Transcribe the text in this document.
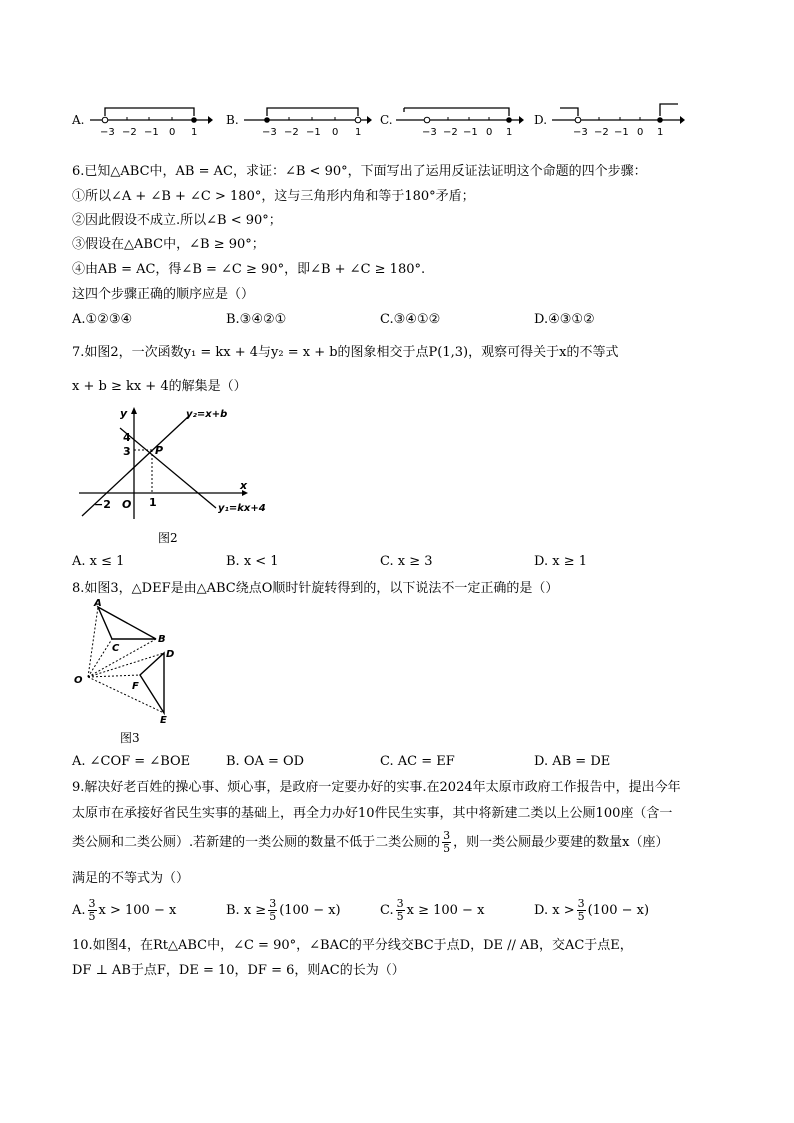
A.
−3 −2 −1 0 1
B.
−3 −2 −1 0 1
C.
−3 −2 −1 0 1
D.
−3 −2 −1 0 1
6.已知△ABC中，AB = AC，求证：∠B < 90°，下面写出了运用反证法证明这个命题的四个步骤：
①所以∠A + ∠B + ∠C > 180°，这与三角形内角和等于180°矛盾；
②因此假设不成立.所以∠B < 90°；
③假设在△ABC中，∠B ≥ 90°；
④由AB = AC，得∠B = ∠C ≥ 90°，即∠B + ∠C ≥ 180°.
这四个步骤正确的顺序应是（）
A.①②③④	B.③④②①	C.③④①②	D.④③①②
7.如图2，一次函数y₁ = kx + 4与y₂ = x + b的图象相交于点P(1,3)，观察可得关于x的不等式
x + b ≥ kx + 4的解集是（）
y
x
O
4
3
−2	1
P
y₂=x+b
y₁=kx+4
图2
A. x ≤ 1	B. x < 1	C. x ≥ 3	D. x ≥ 1
8.如图3，△DEF是由△ABC绕点O顺时针旋转得到的，以下说法不一定正确的是（）
A
B
C
D
E
F
O
图3
A. ∠COF = ∠BOE	B. OA = OD	C. AC = EF	D. AB = DE
9.解决好老百姓的操心事、烦心事，是政府一定要办好的实事.在2024年太原市政府工作报告中，提出今年
太原市在承接好省民生实事的基础上，再全力办好10件民生实事，其中将新建二类以上公厕100座（含一
类公厕和二类公厕）.若新建的一类公厕的数量不低于二类公厕的 $\frac{3}{5}$ ，则一类公厕最少要建的数量x（座）
满足的不等式为（）
A. $\frac{3}{5}$ x > 100 − x	B. $x \ge \frac{3}{5} (100 - x)$	C. $\frac{3}{5}$ x ≥ 100 − x	D. $x > \frac{3}{5} (100 - x)$
10.如图4，在Rt△ABC中，∠C = 90°，∠BAC的平分线交BC于点D，DE // AB，交AC于点E，
DF ⊥ AB于点F，DE = 10，DF = 6，则AC的长为（）
